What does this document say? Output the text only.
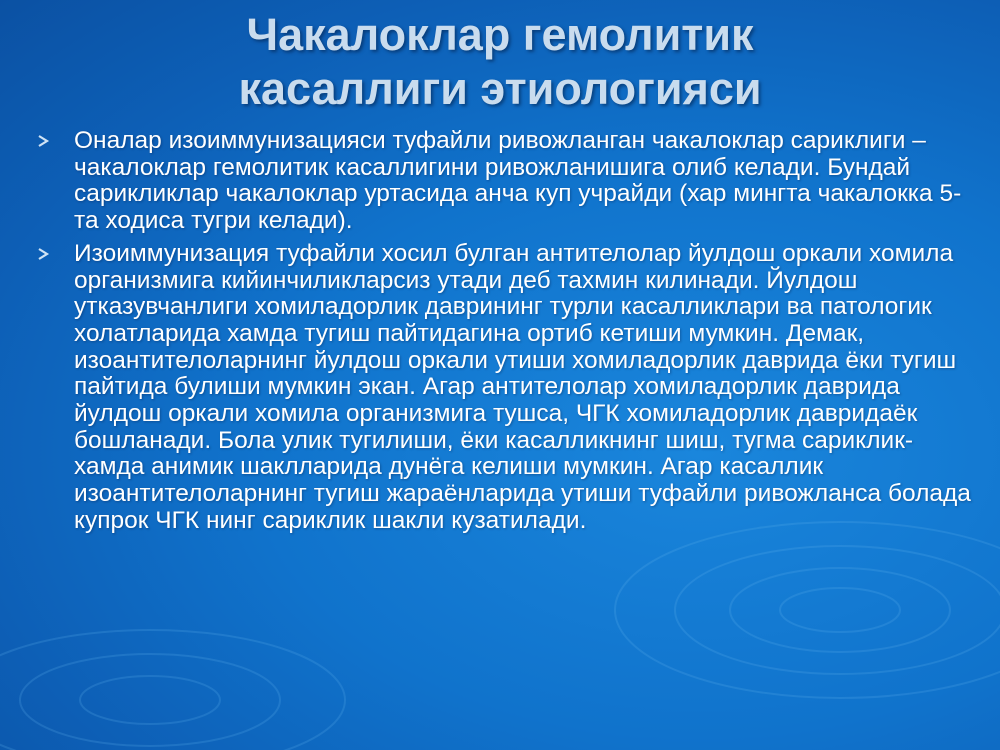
Чакалоклар гемолитик
касаллиги этиологияси
Оналар изоиммунизацияси туфайли ривожланган чакалоклар сариклиги – чакалоклар гемолитик касаллигини ривожланишига олиб келади. Бундай сарикликлар чакалоклар уртасида анча куп учрайди (хар мингта чакалокка 5-та ходиса тугри келади).
Изоиммунизация туфайли хосил булган антителолар йулдош оркали хомила организмига кийинчиликларсиз утади деб тахмин килинади. Йулдош утказувчанлиги хомиладорлик даврининг турли касалликлари ва патологик холатларида хамда тугиш пайтидагина ортиб кетиши мумкин. Демак, изоантителоларнинг йулдош оркали утиши хомиладорлик даврида ёки тугиш пайтида булиши мумкин экан. Агар антителолар хомиладорлик даврида йулдош оркали хомила организмига тушса, ЧГК хомиладорлик давридаёк бошланади. Бола улик тугилиши, ёки касалликнинг шиш, тугма сариклик-хамда анимик шаклларида дунёга келиши мумкин. Агар касаллик изоантителоларнинг тугиш жараёнларида утиши туфайли ривожланса болада купрок ЧГК нинг сариклик шакли кузатилади.
